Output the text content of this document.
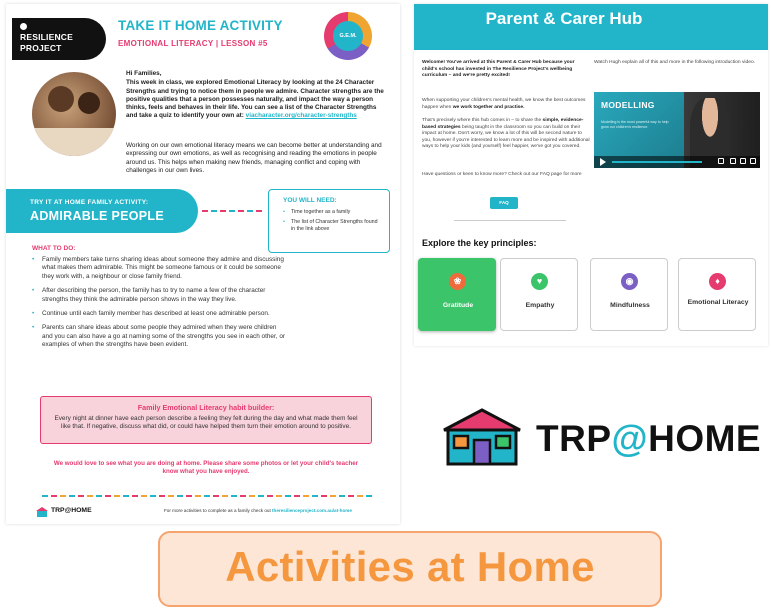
RESILIENCE
PROJECT
TAKE IT HOME ACTIVITY
EMOTIONAL LITERACY | LESSON #5
G.E.M.
Hi Families,
This week in class, we explored Emotional Literacy by looking at the 24 Character Strengths and trying to notice them in people we admire. Character strengths are the positive qualities that a person possesses naturally, and impact the way a person thinks, feels and behaves in their life. You can see a list of the Character Strengths and take a quiz to identify your own at: viacharacter.org/character-strengths
Working on our own emotional literacy means we can become better at understanding and expressing our own emotions, as well as recognising and reading the emotions in people around us. This helps when making new friends, managing conflict and coping with challenges in our own lives.
TRY IT AT HOME FAMILY ACTIVITY:
ADMIRABLE PEOPLE
YOU WILL NEED:
• Time together as a family
• The list of Character Strengths found in the link above
WHAT TO DO:
• Family members take turns sharing ideas about someone they admire and discussing what makes them admirable. This might be someone famous or it could be someone they work with, a neighbour or close family friend.
• After describing the person, the family has to try to name a few of the character strengths they think the admirable person shows in the way they live.
• Continue until each family member has described at least one admirable person.
• Parents can share ideas about some people they admired when they were children and you can also have a go at naming some of the strengths you see in each other, or examples of when the strengths have been evident.
Family Emotional Literacy habit builder:
Every night at dinner have each person describe a feeling they felt during the day and what made them feel like that. If negative, discuss what did, or could have helped them turn their emotion around to positive.
We would love to see what you are doing at home. Please share some photos or let your child's teacher know what you have enjoyed.
TRP@HOME	For more activities to complete as a family check out theresilienceproject.com.au/at-home
Parent & Carer Hub
Welcome! You've arrived at this Parent & Carer Hub because your child's school has invested in The Resilience Project's wellbeing curriculum – and we're pretty excited!
When supporting your children's mental health, we know the best outcomes happen when we work together and practise.
That's precisely where this hub comes in – to share the simple, evidence-based strategies being taught in the classroom so you can build on their impact at home. Don't worry, we know a lot of this will be second nature to you, however if you're interested to learn more and be inspired with additional ways to help your kids (and yourself) feel happier, we've got you covered.
Have questions or keen to know more? Check out our FAQ page for more
Watch Hugh explain all of this and more in the following introduction video.
MODELLING
Modelling is the most powerful way to help grow our children's resilience.
FAQ
Explore the key principles:
❀
Gratitude
♥
Empathy
◉
Mindfulness
♦
Emotional Literacy
TRP@HOME
Activities at Home
